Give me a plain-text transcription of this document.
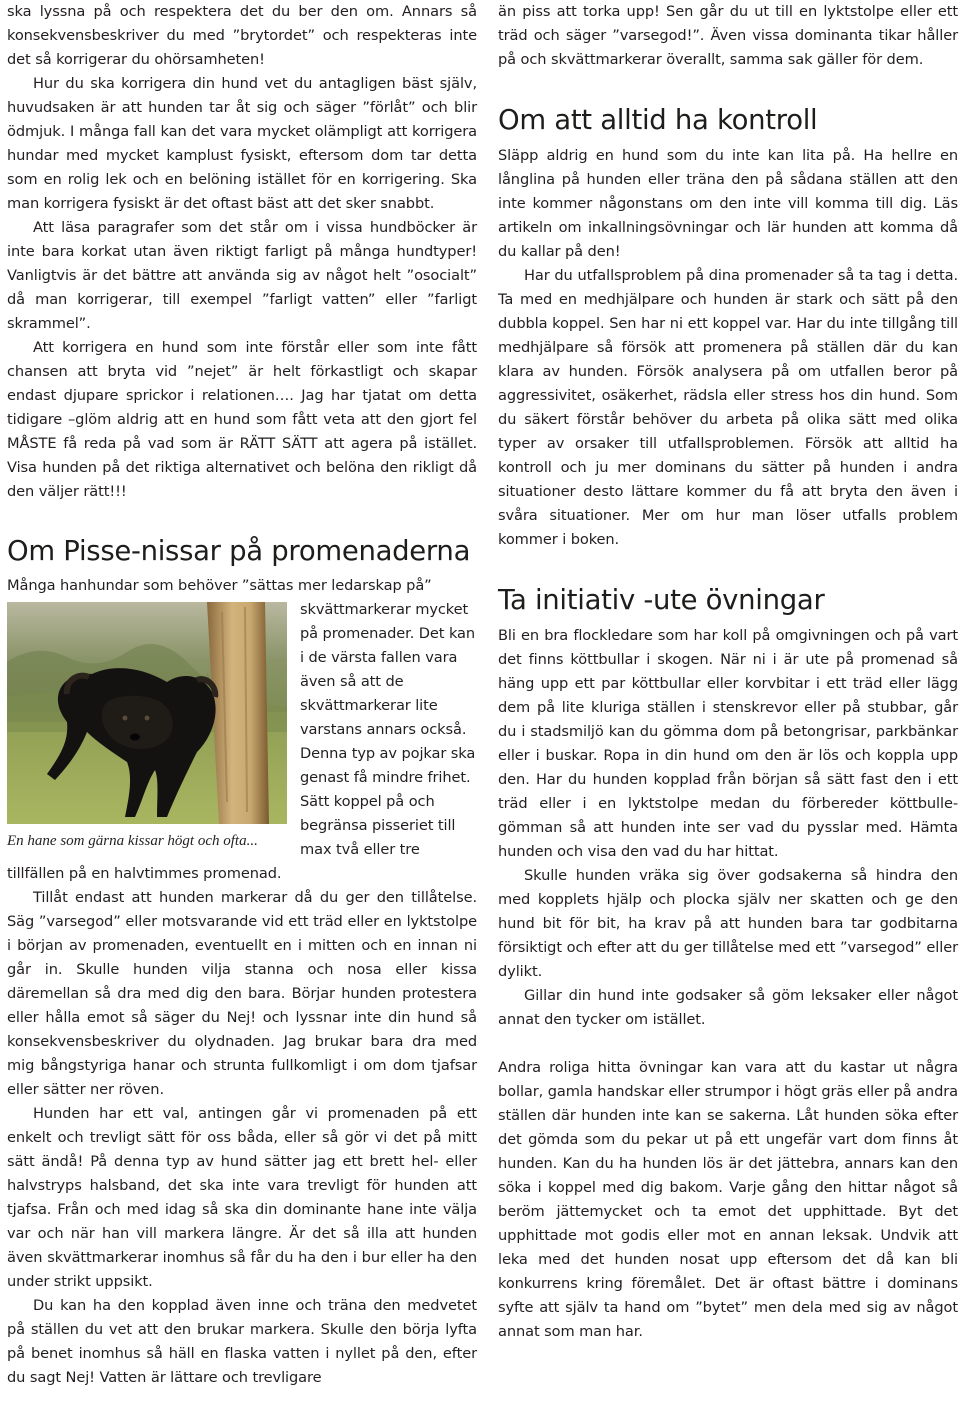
ska lyssna på och respektera det du ber den om. Annars så konsekvensbeskriver du med ”brytordet” och respekteras inte det så korrigerar du ohörsamheten!

Hur du ska korrigera din hund vet du antagligen bäst själv, huvudsaken är att hunden tar åt sig och säger ”förlåt” och blir ödmjuk. I många fall kan det vara mycket olämpligt att korrigera hundar med mycket kamplust fysiskt, eftersom dom tar detta som en rolig lek och en belöning istället för en korrigering. Ska man korrigera fysiskt är det oftast bäst att det sker snabbt.

Att läsa paragrafer som det står om i vissa hundböcker är inte bara korkat utan även riktigt farligt på många hundtyper! Vanligtvis är det bättre att använda sig av något helt ”osocialt” då man korrigerar, till exempel ”farligt vatten” eller ”farligt skrammel”.

Att korrigera en hund som inte förstår eller som inte fått chansen att bryta vid ”nejet” är helt förkastligt och skapar endast djupare sprickor i relationen…. Jag har tjatat om detta tidigare –glöm aldrig att en hund som fått veta att den gjort fel MÅSTE få reda på vad som är RÄTT SÄTT att agera på istället. Visa hunden på det riktiga alternativet och belöna den rikligt då den väljer rätt!!!

Om Pisse-nissar på promenaderna

Många hanhundar som behöver ”sättas mer ledarskap på”

En hane som gärna kissar högt och ofta...

skvättmarkerar mycket på promenader. Det kan i de värsta fallen vara även så att de skvättmarkerar lite varstans annars också. Denna typ av pojkar ska genast få mindre frihet. Sätt koppel på och begränsa pisseriet till max två eller tre tillfällen på en halvtimmes promenad.

Tillåt endast att hunden markerar då du ger den tillåtelse. Säg ”varsegod” eller motsvarande vid ett träd eller en lyktstolpe i början av promenaden, eventuellt en i mitten och en innan ni går in. Skulle hunden vilja stanna och nosa eller kissa däremellan så dra med dig den bara. Börjar hunden protestera eller hålla emot så säger du Nej! och lyssnar inte din hund så konsekvensbeskriver du olydnaden. Jag brukar bara dra med mig bångstyriga hanar och strunta fullkomligt i om dom tjafsar eller sätter ner röven.

Hunden har ett val, antingen går vi promenaden på ett enkelt och trevligt sätt för oss båda, eller så gör vi det på mitt sätt ändå! På denna typ av hund sätter jag ett brett hel- eller halvstryps halsband, det ska inte vara trevligt för hunden att tjafsa. Från och med idag så ska din dominante hane inte välja var och när han vill markera längre. Är det så illa att hunden även skvättmarkerar inomhus så får du ha den i bur eller ha den under strikt uppsikt.

Du kan ha den kopplad även inne och träna den medvetet på ställen du vet att den brukar markera. Skulle den börja lyfta på benet inomhus så häll en flaska vatten i nyllet på den, efter du sagt Nej! Vatten är lättare och trevligare

än piss att torka upp! Sen går du ut till en lyktstolpe eller ett träd och säger ”varsegod!”. Även vissa dominanta tikar håller på och skvättmarkerar överallt, samma sak gäller för dem.

Om att alltid ha kontroll

Släpp aldrig en hund som du inte kan lita på. Ha hellre en långlina på hunden eller träna den på sådana ställen att den inte kommer någonstans om den inte vill komma till dig. Läs artikeln om inkallningsövningar och lär hunden att komma då du kallar på den!

Har du utfallsproblem på dina promenader så ta tag i detta. Ta med en medhjälpare och hunden är stark och sätt på den dubbla koppel. Sen har ni ett koppel var. Har du inte tillgång till medhjälpare så försök att promenera på ställen där du kan klara av hunden. Försök analysera på om utfallen beror på aggressivitet, osäkerhet, rädsla eller stress hos din hund. Som du säkert förstår behöver du arbeta på olika sätt med olika typer av orsaker till utfallsproblemen. Försök att alltid ha kontroll och ju mer dominans du sätter på hunden i andra situationer desto lättare kommer du få att bryta den även i svåra situationer. Mer om hur man löser utfalls problem kommer i boken.

Ta initiativ -ute övningar

Bli en bra flockledare som har koll på omgivningen och på vart det finns köttbullar i skogen. När ni i är ute på promenad så häng upp ett par köttbullar eller korvbitar i ett träd eller lägg dem på lite kluriga ställen i stenskrevor eller på stubbar, går du i stadsmiljö kan du gömma dom på betongrisar, parkbänkar eller i buskar. Ropa in din hund om den är lös och koppla upp den. Har du hunden kopplad från början så sätt fast den i ett träd eller i en lyktstolpe medan du förbereder köttbulle-gömman så att hunden inte ser vad du pysslar med. Hämta hunden och visa den vad du har hittat.

Skulle hunden vräka sig över godsakerna så hindra den med kopplets hjälp och plocka själv ner skatten och ge den hund bit för bit, ha krav på att hunden bara tar godbitarna försiktigt och efter att du ger tillåtelse med ett ”varsegod” eller dylikt.

Gillar din hund inte godsaker så göm leksaker eller något annat den tycker om istället.

Andra roliga hitta övningar kan vara att du kastar ut några bollar, gamla handskar eller strumpor i högt gräs eller på andra ställen där hunden inte kan se sakerna. Låt hunden söka efter det gömda som du pekar ut på ett ungefär vart dom finns åt hunden. Kan du ha hunden lös är det jättebra, annars kan den söka i koppel med dig bakom. Varje gång den hittar något så beröm jättemycket och ta emot det upphittade. Byt det upphittade mot godis eller mot en annan leksak. Undvik att leka med det hunden nosat upp eftersom det då kan bli konkurrens kring föremålet. Det är oftast bättre i dominans syfte att själv ta hand om ”bytet” men dela med sig av något annat som man har.
